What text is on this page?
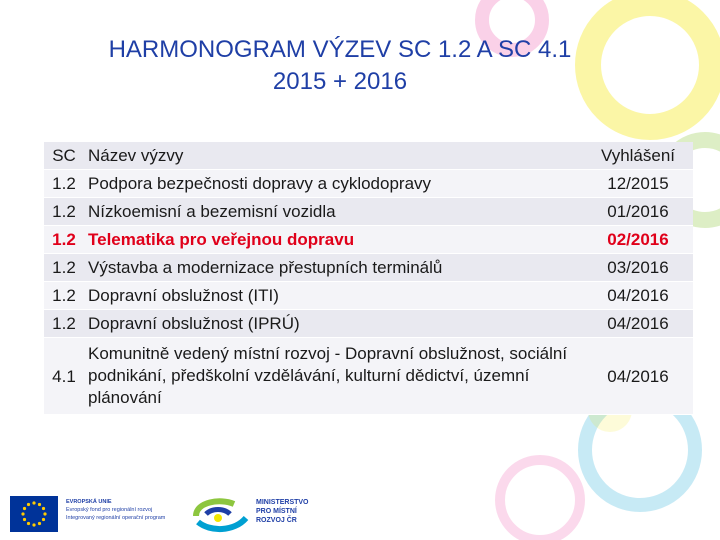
HARMONOGRAM VÝZEV SC 1.2 A SC 4.1
2015 + 2016
SC	Název výzvy	Vyhlášení
1.2	Podpora bezpečnosti dopravy a cyklodopravy	12/2015
1.2	Nízkoemisní a bezemisní vozidla	01/2016
1.2	Telematika pro veřejnou dopravu	02/2016
1.2	Výstavba a modernizace přestupních terminálů	03/2016
1.2	Dopravní obslužnost (ITI)	04/2016
1.2	Dopravní obslužnost (IPRÚ)	04/2016
4.1	Komunitně vedený místní rozvoj - Dopravní obslužnost, sociální podnikání, předškolní vzdělávání, kulturní dědictví, územní plánování	04/2016
EVROPSKÁ UNIE
Evropský fond pro regionální rozvoj
Integrovaný regionální operační program
MINISTERSTVO
PRO MÍSTNÍ
ROZVOJ ČR
